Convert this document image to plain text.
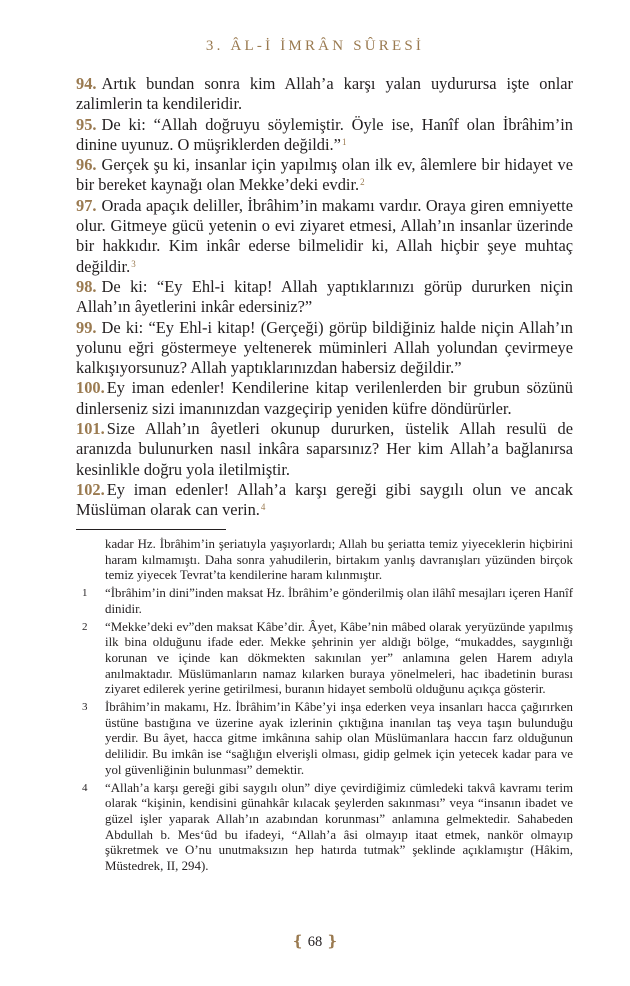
3. ÂL-İ İMRÂN SÛRESİ

94. Artık bundan sonra kim Allah’a karşı yalan uydurursa işte onlar zalimlerin ta kendileridir.

95. De ki: “Allah doğruyu söylemiştir. Öyle ise, Hanîf olan İbrâhim’in dinine uyunuz. O müşriklerden değildi.”$^1$

96. Gerçek şu ki, insanlar için yapılmış olan ilk ev, âlemlere bir hidayet ve bir bereket kaynağı olan Mekke’deki evdir.$^2$

97. Orada apaçık deliller, İbrâhim’in makamı vardır. Oraya giren emniyette olur. Gitmeye gücü yetenin o evi ziyaret etmesi, Allah’ın insanlar üzerinde bir hakkıdır. Kim inkâr ederse bilmelidir ki, Allah hiçbir şeye muhtaç değildir.$^3$

98. De ki: “Ey Ehl-i kitap! Allah yaptıklarınızı görüp dururken niçin Allah’ın âyetlerini inkâr edersiniz?”

99. De ki: “Ey Ehl-i kitap! (Gerçeği) görüp bildiğiniz halde niçin Allah’ın yolunu eğri göstermeye yeltenerek müminleri Allah yolundan çevirmeye kalkışıyorsunuz? Allah yaptıklarınızdan habersiz değildir.”

100. Ey iman edenler! Kendilerine kitap verilenlerden bir grubun sözünü dinlerseniz sizi imanınızdan vazgeçirip yeniden küfre döndürürler.

101. Size Allah’ın âyetleri okunup dururken, üstelik Allah resulü de aranızda bulunurken nasıl inkâra saparsınız? Her kim Allah’a bağlanırsa kesinlikle doğru yola iletilmiştir.

102. Ey iman edenler! Allah’a karşı gereği gibi saygılı olun ve ancak Müslüman olarak can verin.$^4$

kadar Hz. İbrâhim’in şeriatıyla yaşıyorlardı; Allah bu şeriatta temiz yiyeceklerin hiçbirini haram kılmamıştı. Daha sonra yahudilerin, birtakım yanlış davranışları yüzünden birçok temiz yiyecek Tevrat’ta kendilerine haram kılınmıştır.

1 “İbrâhim’in dini”inden maksat Hz. İbrâhim’e gönderilmiş olan ilâhî mesajları içeren Hanîf dinidir.

2 “Mekke’deki ev”den maksat Kâbe’dir. Âyet, Kâbe’nin mâbed olarak yeryüzünde yapılmış ilk bina olduğunu ifade eder. Mekke şehrinin yer aldığı bölge, “mukaddes, saygınlığı korunan ve içinde kan dökmekten sakınılan yer” anlamına gelen Harem adıyla anılmaktadır. Müslümanların namaz kılarken buraya yönelmeleri, hac ibadetinin burası ziyaret edilerek yerine getirilmesi, buranın hidayet sembolü olduğunu açıkça gösterir.

3 İbrâhim’in makamı, Hz. İbrâhim’in Kâbe’yi inşa ederken veya insanları hacca çağırırken üstüne bastığına ve üzerine ayak izlerinin çıktığına inanılan taş veya taşın bulunduğu yerdir. Bu âyet, hacca gitme imkânına sahip olan Müslümanlara haccın farz olduğunun delilidir. Bu imkân ise “sağlığın elverişli olması, gidip gelmek için yetecek kadar para ve yol güvenliğinin bulunması” demektir.

4 “Allah’a karşı gereği gibi saygılı olun” diye çevirdiğimiz cümledeki takvâ kavramı terim olarak “kişinin, kendisini günahkâr kılacak şeylerden sakınması” veya “insanın ibadet ve güzel işler yaparak Allah’ın azabından korunması” anlamına gelmektedir. Sahabeden Abdullah b. Mes‘ûd bu ifadeyi, “Allah’a âsi olmayıp itaat etmek, nankör olmayıp şükretmek ve O’nu unutmaksızın hep hatırda tutmak” şeklinde açıklamıştır (Hâkim, Müstedrek, II, 294).

❴ 68 ❵
